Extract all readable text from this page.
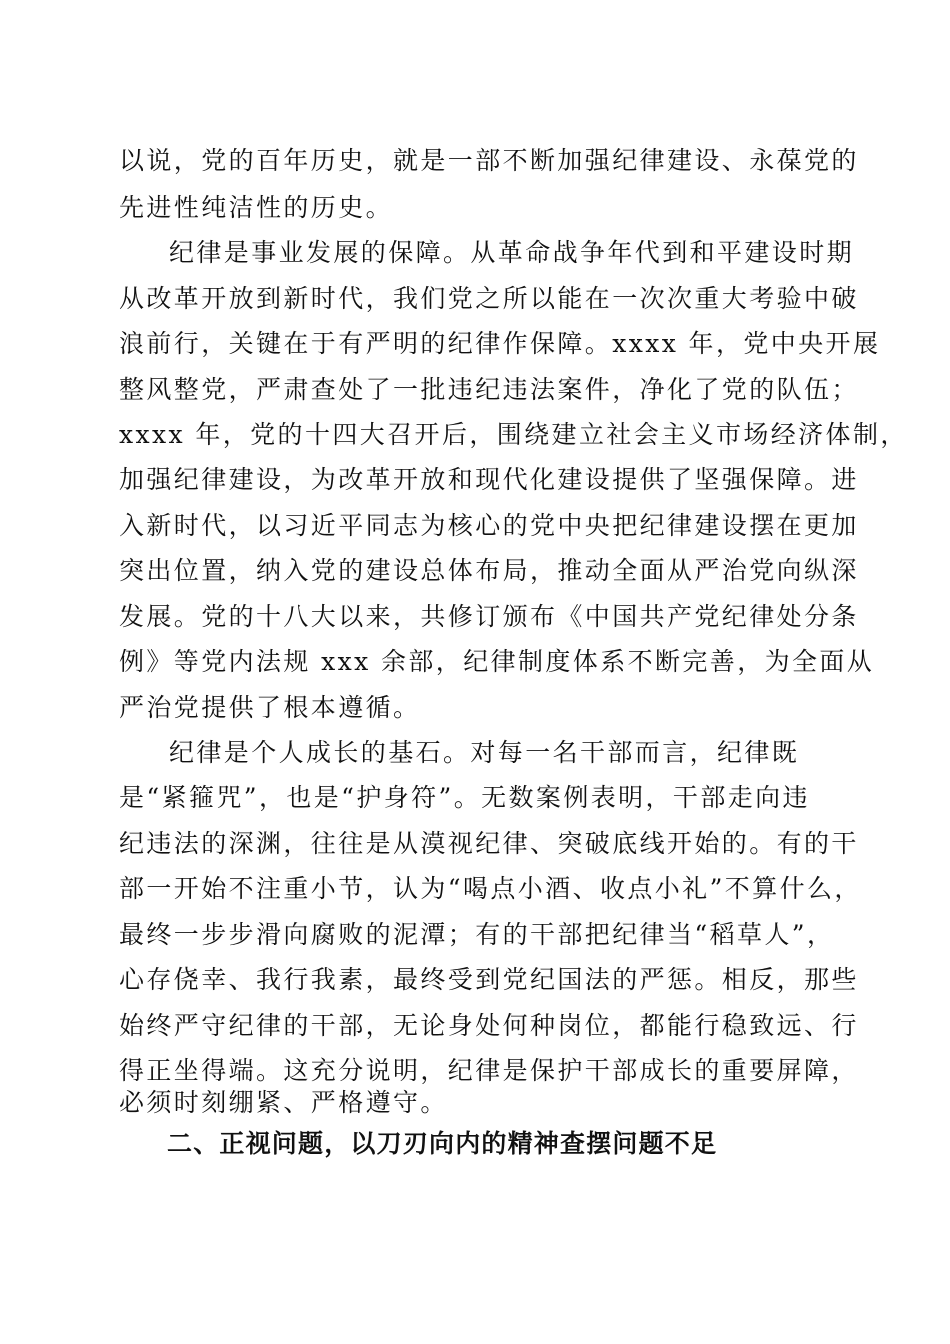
以说，党的百年历史，就是一部不断加强纪律建设、永葆党的
先进性纯洁性的历史。
纪律是事业发展的保障。从革命战争年代到和平建设时期
从改革开放到新时代，我们党之所以能在一次次重大考验中破
浪前行，关键在于有严明的纪律作保障。xxxx 年，党中央开展
整风整党，严肃查处了一批违纪违法案件，净化了党的队伍；
xxxx 年，党的十四大召开后，围绕建立社会主义市场经济体制，
加强纪律建设，为改革开放和现代化建设提供了坚强保障。进
入新时代，以习近平同志为核心的党中央把纪律建设摆在更加
突出位置，纳入党的建设总体布局，推动全面从严治党向纵深
发展。党的十八大以来，共修订颁布《中国共产党纪律处分条
例》等党内法规 xxx 余部，纪律制度体系不断完善，为全面从
严治党提供了根本遵循。
纪律是个人成长的基石。对每一名干部而言，纪律既
是“紧箍咒”，也是“护身符”。无数案例表明，干部走向违
纪违法的深渊，往往是从漠视纪律、突破底线开始的。有的干
部一开始不注重小节，认为“喝点小酒、收点小礼”不算什么，
最终一步步滑向腐败的泥潭；有的干部把纪律当“稻草人”，
心存侥幸、我行我素，最终受到党纪国法的严惩。相反，那些
始终严守纪律的干部，无论身处何种岗位，都能行稳致远、行
得正坐得端。这充分说明，纪律是保护干部成长的重要屏障，
必须时刻绷紧、严格遵守。
二、正视问题，以刀刃向内的精神查摆问题不足
